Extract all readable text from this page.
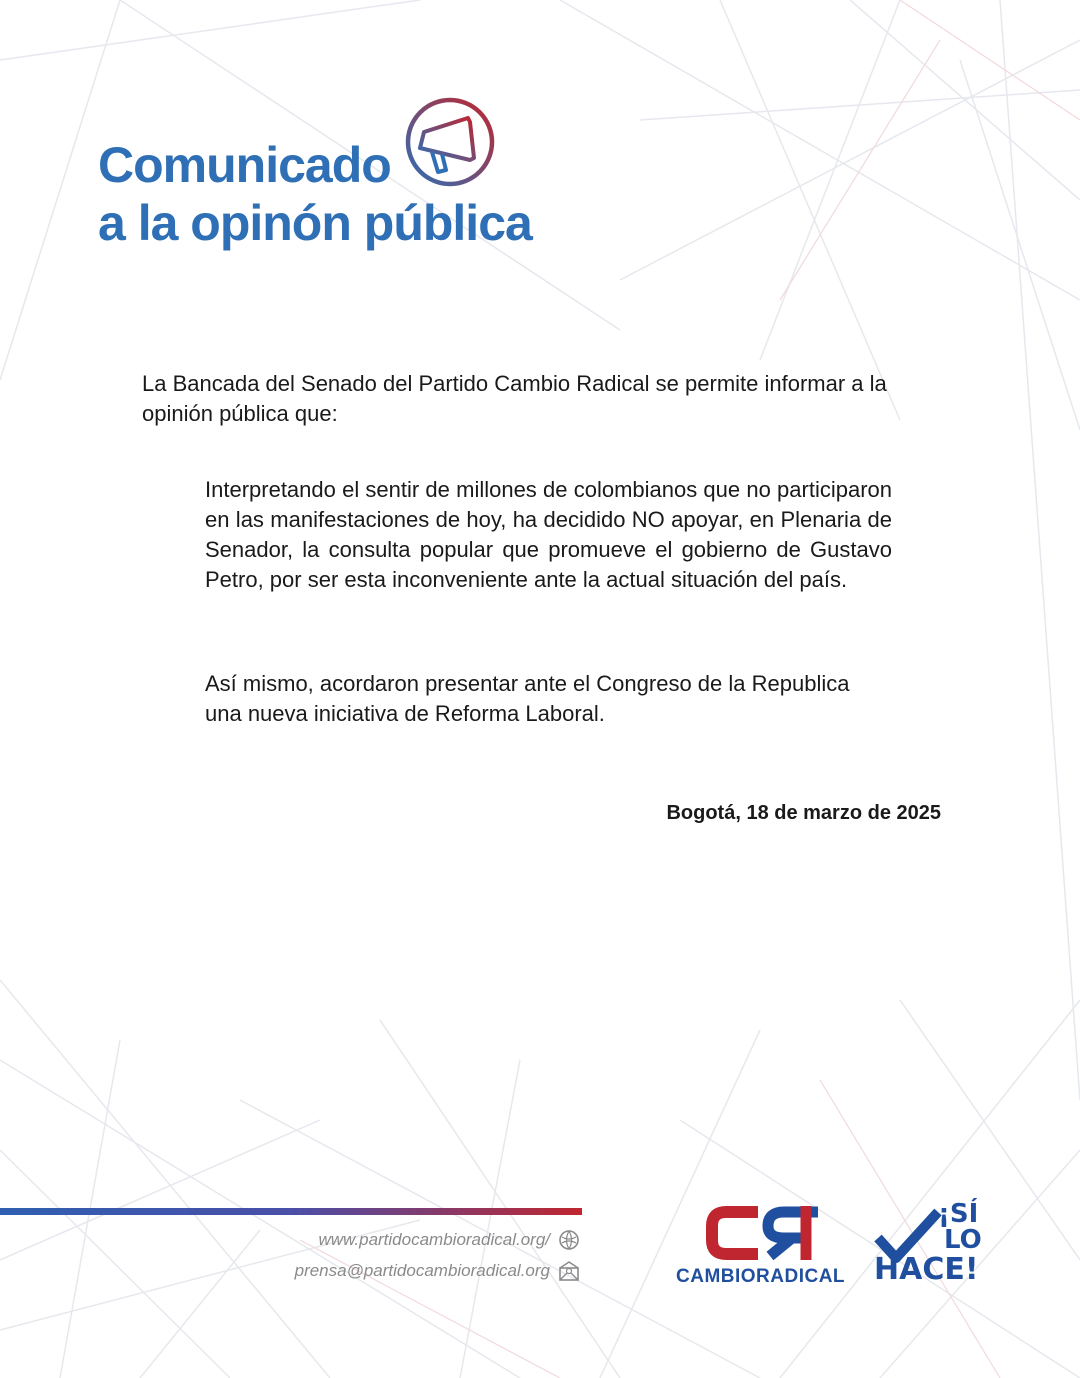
Comunicado
a la opinón pública
La Bancada del Senado del Partido Cambio Radical se permite informar a la opinión pública que:
Interpretando el sentir de millones de colombianos que no participaron en las manifestaciones de hoy, ha decidido NO apoyar, en Plenaria de Senador, la consulta popular que promueve el gobierno de Gustavo Petro, por ser esta inconveniente ante la actual situación del país.
Así mismo, acordaron presentar ante el Congreso de la Republica una nueva iniciativa de Reforma Laboral.
Bogotá, 18 de marzo de 2025
www.partidocambioradical.org/
prensa@partidocambioradical.org	CAMBIORADICAL
¡SÍ
LO
HACE!
